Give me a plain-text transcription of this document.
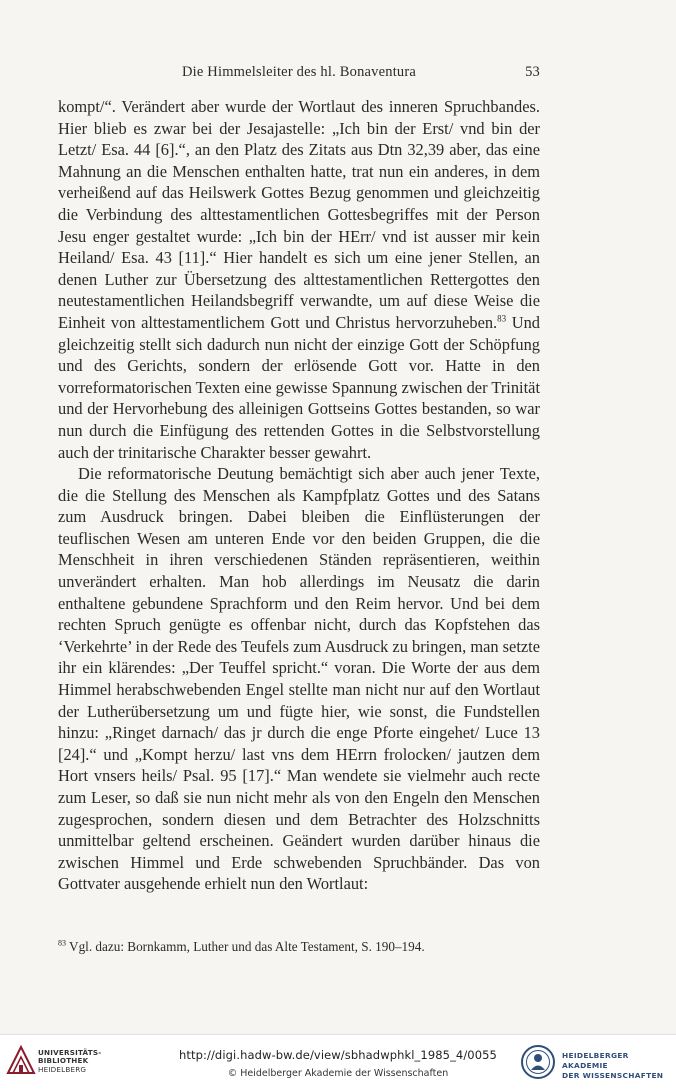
Die Himmelsleiter des hl. Bonaventura	53

kompt/“. Verändert aber wurde der Wortlaut des inneren Spruchbandes. Hier blieb es zwar bei der Jesajastelle: „Ich bin der Erst/ vnd bin der Letzt/ Esa. 44 [6].“, an den Platz des Zitats aus Dtn 32,39 aber, das eine Mahnung an die Menschen enthalten hatte, trat nun ein anderes, in dem verheißend auf das Heilswerk Gottes Bezug genommen und gleichzeitig die Verbindung des alttestamentlichen Gottesbegriffes mit der Person Jesu enger gestaltet wurde: „Ich bin der HErr/ vnd ist ausser mir kein Heiland/ Esa. 43 [11].“ Hier handelt es sich um eine jener Stellen, an denen Luther zur Übersetzung des alttestamentlichen Rettergottes den neutestamentlichen Heilandsbegriff verwandte, um auf diese Weise die Einheit von alttestamentlichem Gott und Christus hervorzuheben.$^{83}$ Und gleichzeitig stellt sich dadurch nun nicht der einzige Gott der Schöpfung und des Gerichts, sondern der erlösende Gott vor. Hatte in den vorreformatorischen Texten eine gewisse Spannung zwischen der Trinität und der Hervorhebung des alleinigen Gottseins Gottes bestanden, so war nun durch die Einfügung des rettenden Gottes in die Selbstvorstellung auch der trinitarische Charakter besser gewahrt.

Die reformatorische Deutung bemächtigt sich aber auch jener Texte, die die Stellung des Menschen als Kampfplatz Gottes und des Satans zum Ausdruck bringen. Dabei bleiben die Einflüsterungen der teuflischen Wesen am unteren Ende vor den beiden Gruppen, die die Menschheit in ihren verschiedenen Ständen repräsentieren, weithin unverändert erhalten. Man hob allerdings im Neusatz die darin enthaltene gebundene Sprachform und den Reim hervor. Und bei dem rechten Spruch genügte es offenbar nicht, durch das Kopfstehen das ‘Verkehrte’ in der Rede des Teufels zum Ausdruck zu bringen, man setzte ihr ein klärendes: „Der Teuffel spricht.“ voran. Die Worte der aus dem Himmel herabschwebenden Engel stellte man nicht nur auf den Wortlaut der Lutherübersetzung um und fügte hier, wie sonst, die Fundstellen hinzu: „Ringet darnach/ das jr durch die enge Pforte eingehet/ Luce 13 [24].“ und „Kompt herzu/ last vns dem HErrn frolocken/ jautzen dem Hort vnsers heils/ Psal. 95 [17].“ Man wendete sie vielmehr auch recte zum Leser, so daß sie nun nicht mehr als von den Engeln den Menschen zugesprochen, sondern diesen und dem Betrachter des Holzschnitts unmittelbar geltend erscheinen. Geändert wurden darüber hinaus die zwischen Himmel und Erde schwebenden Spruchbänder. Das von Gottvater ausgehende erhielt nun den Wortlaut:

$^{83}$ Vgl. dazu: Bornkamm, Luther und das Alte Testament, S. 190–194.
UNIVERSITÄTS-
BIBLIOTHEK
HEIDELBERG
http://digi.hadw-bw.de/view/sbhadwphkl_1985_4/0055
© Heidelberger Akademie der Wissenschaften
HEIDELBERGER AKADEMIE
DER WISSENSCHAFTEN
